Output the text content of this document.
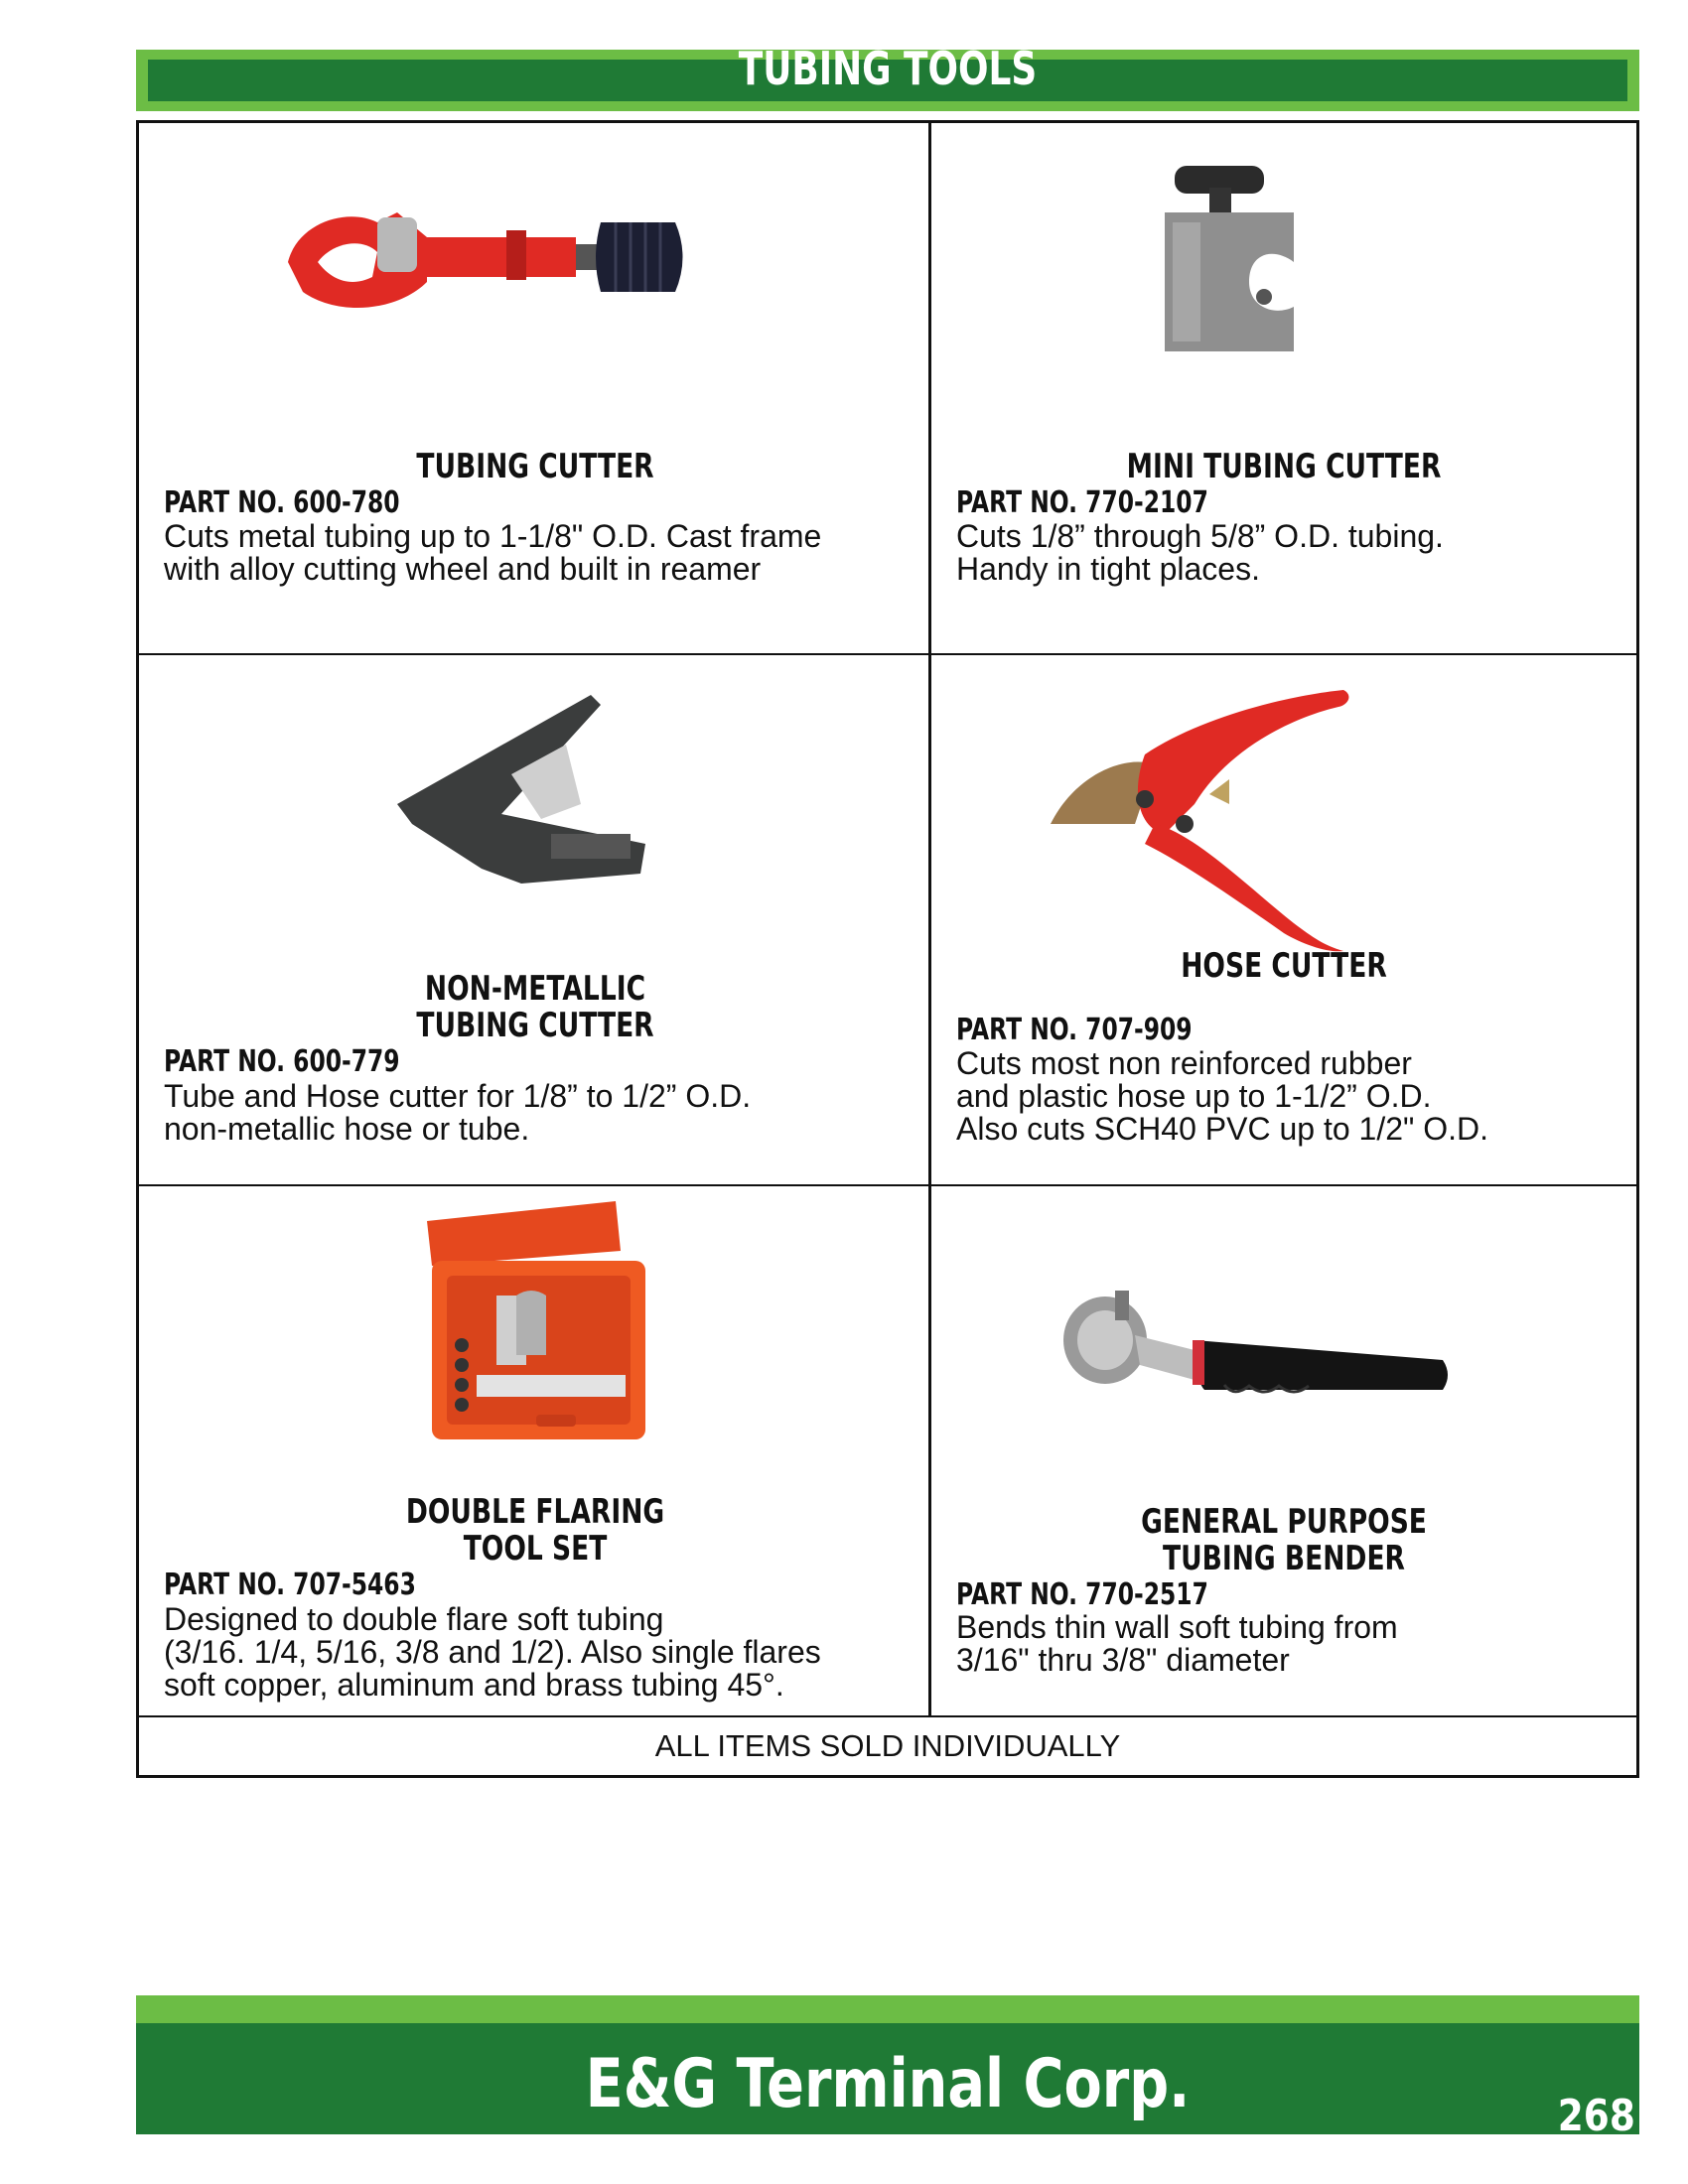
TUBING TOOLS
TUBING CUTTER
PART NO. 600-780
Cuts metal tubing up to 1-1/8" O.D. Cast frame
with alloy cutting wheel and built in reamer
MINI TUBING CUTTER
PART NO. 770-2107
Cuts 1/8” through 5/8” O.D. tubing.
Handy in tight places.
NON-METALLIC
TUBING CUTTER
PART NO. 600-779
Tube and Hose cutter for 1/8” to 1/2” O.D.
non-metallic hose or tube.
HOSE CUTTER
PART NO. 707-909
Cuts most non reinforced rubber
and plastic hose up to 1-1/2” O.D.
Also cuts SCH40 PVC up to 1/2" O.D.
DOUBLE FLARING
TOOL SET
PART NO. 707-5463
Designed to double flare soft tubing
(3/16. 1/4, 5/16, 3/8 and 1/2). Also single flares
soft copper, aluminum and brass tubing 45°.
GENERAL PURPOSE
TUBING BENDER
PART NO. 770-2517
Bends thin wall soft tubing from
3/16" thru 3/8" diameter
ALL ITEMS SOLD INDIVIDUALLY
E&G Terminal Corp.	268
